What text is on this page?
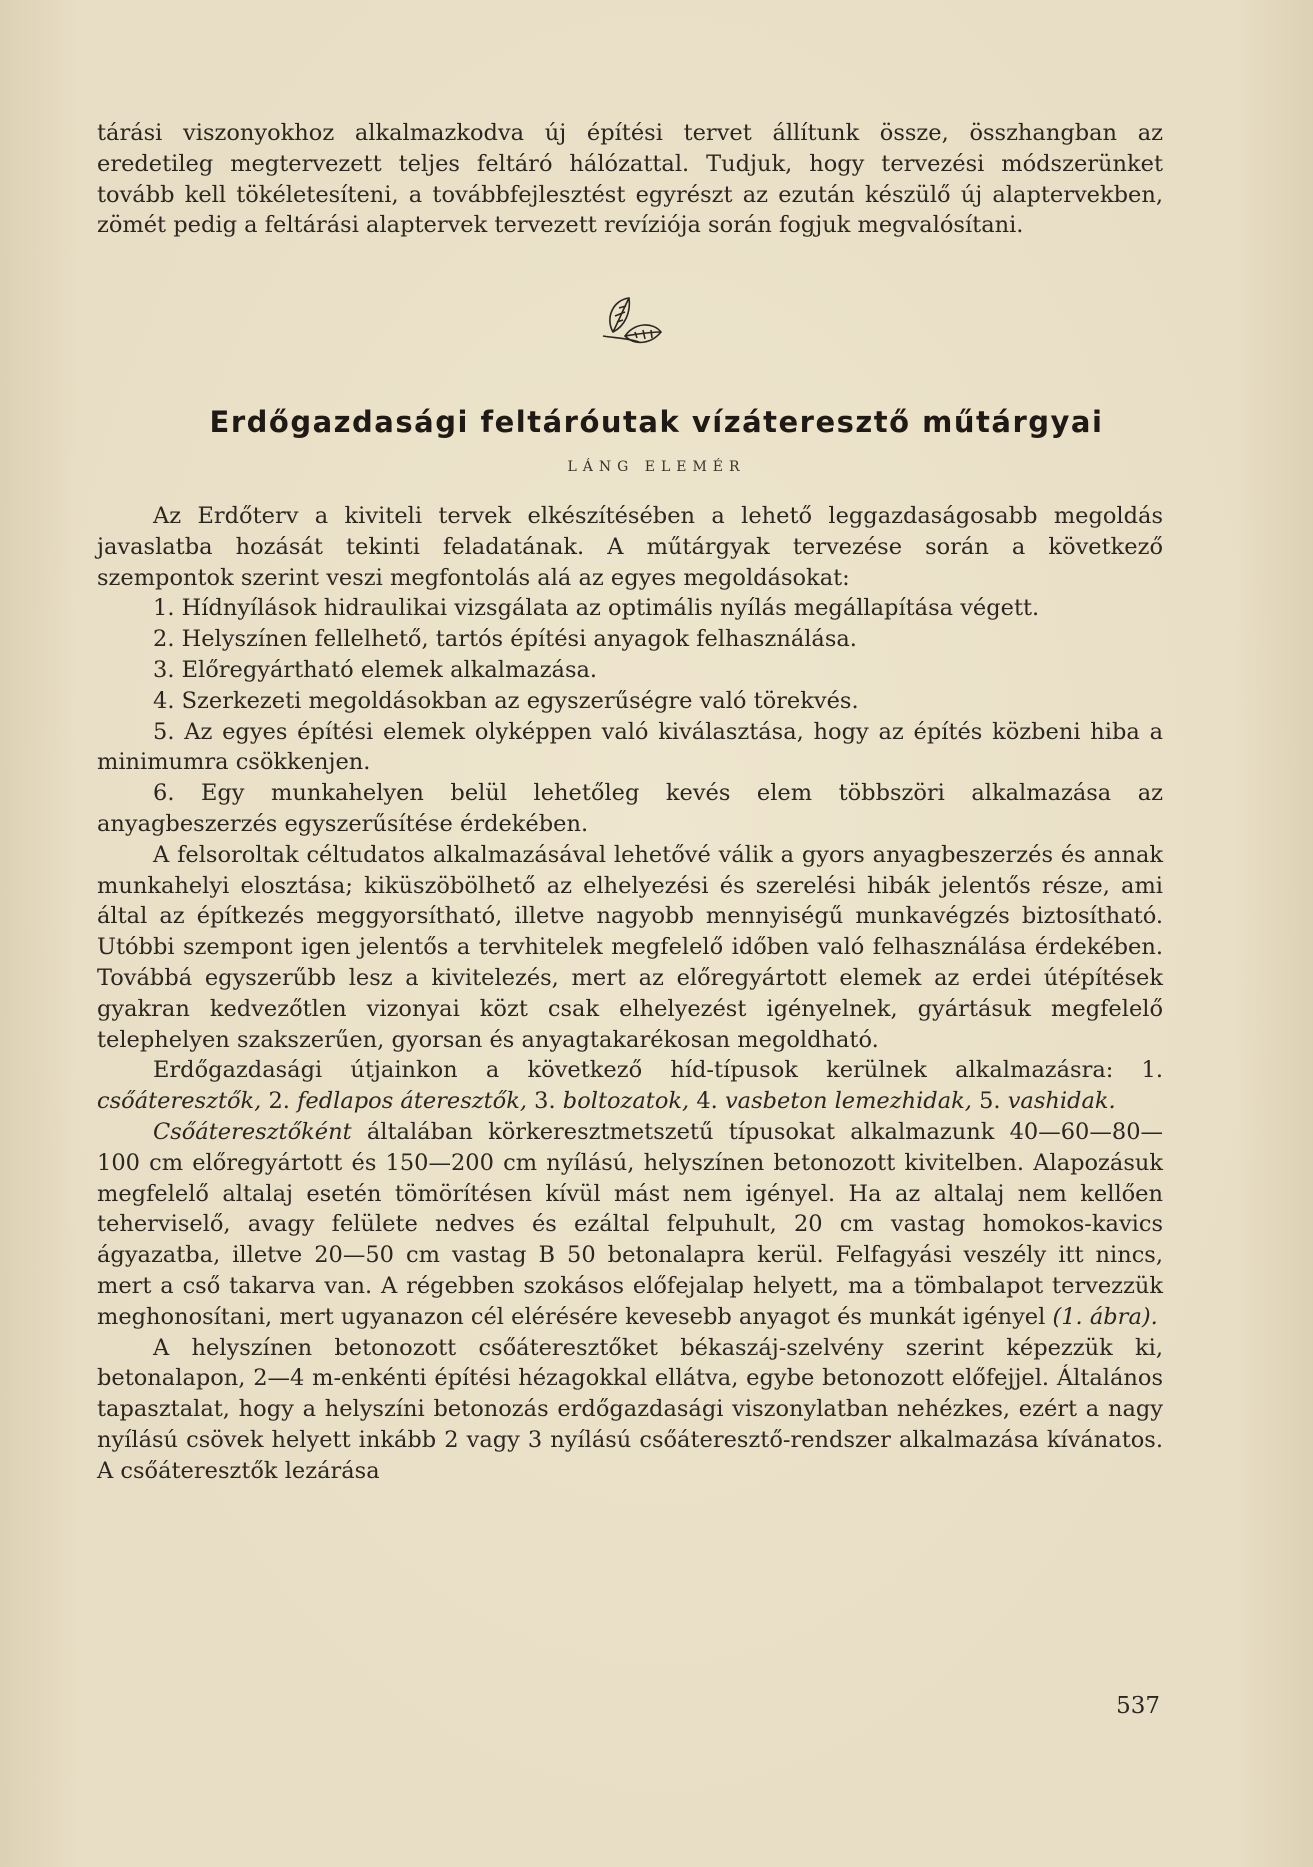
tárási viszonyokhoz alkalmazkodva új építési tervet állítunk össze, összhangban az eredetileg megtervezett teljes feltáró hálózattal. Tudjuk, hogy tervezési módszerünket tovább kell tökéletesíteni, a továbbfejlesztést egyrészt az ezután készülő új alaptervekben, zömét pedig a feltárási alaptervek tervezett revíziója során fogjuk megvalósítani.

Erdőgazdasági feltáróutak vízáteresztő műtárgyai

LÁNG ELEMÉR

Az Erdőterv a kiviteli tervek elkészítésében a lehető leggazdaságosabb megoldás javaslatba hozását tekinti feladatának. A műtárgyak tervezése során a következő szempontok szerint veszi megfontolás alá az egyes megoldásokat:

1. Hídnyílások hidraulikai vizsgálata az optimális nyílás megállapítása végett.

2. Helyszínen fellelhető, tartós építési anyagok felhasználása.

3. Előregyártható elemek alkalmazása.

4. Szerkezeti megoldásokban az egyszerűségre való törekvés.

5. Az egyes építési elemek olyképpen való kiválasztása, hogy az építés közbeni hiba a minimumra csökkenjen.

6. Egy munkahelyen belül lehetőleg kevés elem többszöri alkalmazása az anyagbeszerzés egyszerűsítése érdekében.

A felsoroltak céltudatos alkalmazásával lehetővé válik a gyors anyagbeszerzés és annak munkahelyi elosztása; kiküszöbölhető az elhelyezési és szerelési hibák jelentős része, ami által az építkezés meggyorsítható, illetve nagyobb mennyiségű munkavégzés biztosítható. Utóbbi szempont igen jelentős a tervhitelek megfelelő időben való felhasználása érdekében. Továbbá egyszerűbb lesz a kivitelezés, mert az előregyártott elemek az erdei útépítések gyakran kedvezőtlen vizonyai közt csak elhelyezést igényelnek, gyártásuk megfelelő telephelyen szakszerűen, gyorsan és anyagtakarékosan megoldható.

Erdőgazdasági útjainkon a következő híd-típusok kerülnek alkalmazásra: 1. csőáteresztők, 2. fedlapos áteresztők, 3. boltozatok, 4. vasbeton lemezhidak, 5. vashidak.

Csőáteresztőként általában körkeresztmetszetű típusokat alkalmazunk 40—60—80—100 cm előregyártott és 150—200 cm nyílású, helyszínen betonozott kivitelben. Alapozásuk megfelelő altalaj esetén tömörítésen kívül mást nem igényel. Ha az altalaj nem kellően teherviselő, avagy felülete nedves és ezáltal felpuhult, 20 cm vastag homokos-kavics ágyazatba, illetve 20—50 cm vastag B 50 betonalapra kerül. Felfagyási veszély itt nincs, mert a cső takarva van. A régebben szokásos előfejalap helyett, ma a tömbalapot tervezzük meghonosítani, mert ugyanazon cél elérésére kevesebb anyagot és munkát igényel (1. ábra).

A helyszínen betonozott csőáteresztőket békaszáj-szelvény szerint képezzük ki, betonalapon, 2—4 m-enkénti építési hézagokkal ellátva, egybe betonozott előfejjel. Általános tapasztalat, hogy a helyszíni betonozás erdőgazdasági viszonylatban nehézkes, ezért a nagy nyílású csövek helyett inkább 2 vagy 3 nyílású csőáteresztő-rendszer alkalmazása kívánatos. A csőáteresztők lezárása

537
